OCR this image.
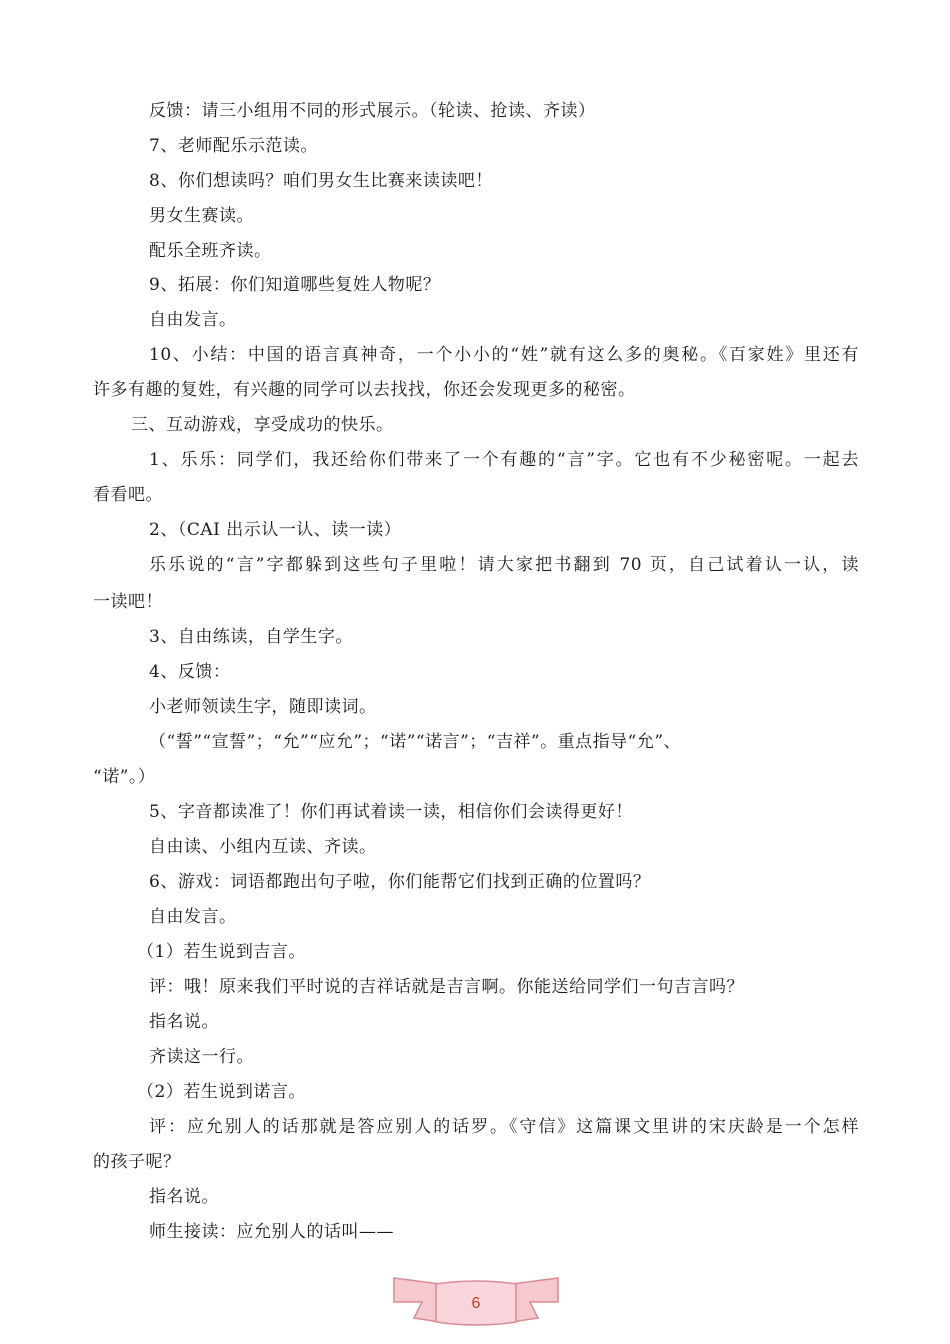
反馈：请三小组用不同的形式展示。（轮读、抢读、齐读）
7、老师配乐示范读。
8、你们想读吗？咱们男女生比赛来读读吧！
男女生赛读。
配乐全班齐读。
9、拓展：你们知道哪些复姓人物呢？
自由发言。
10、小结：中国的语言真神奇，一个小小的“姓”就有这么多的奥秘。《百家姓》里还有
许多有趣的复姓，有兴趣的同学可以去找找，你还会发现更多的秘密。
三、互动游戏，享受成功的快乐。
1、乐乐：同学们，我还给你们带来了一个有趣的“言”字。它也有不少秘密呢。一起去
看看吧。
2、（CAI 出示认一认、读一读）
乐乐说的“言”字都躲到这些句子里啦！请大家把书翻到 70 页，自己试着认一认，读
一读吧！
3、自由练读，自学生字。
4、反馈：
小老师领读生字，随即读词。
（“誓”“宣誓”；“允”“应允”；“诺”“诺言”；“吉祥”。重点指导“允”、
“诺”。）
5、字音都读准了！你们再试着读一读，相信你们会读得更好！
自由读、小组内互读、齐读。
6、游戏：词语都跑出句子啦，你们能帮它们找到正确的位置吗？
自由发言。
（1）若生说到吉言。
评：哦！原来我们平时说的吉祥话就是吉言啊。你能送给同学们一句吉言吗？
指名说。
齐读这一行。
（2）若生说到诺言。
评：应允别人的话那就是答应别人的话罗。《守信》这篇课文里讲的宋庆龄是一个怎样
的孩子呢？
指名说。
师生接读：应允别人的话叫——
6
